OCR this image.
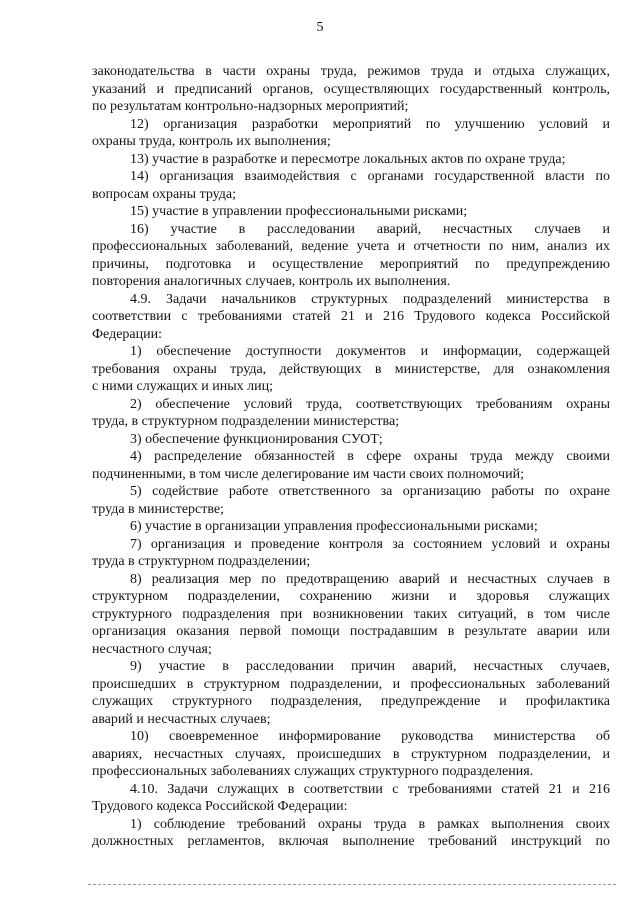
5
законодательства в части охраны труда, режимов труда и отдыха служащих,
указаний и предписаний органов, осуществляющих государственный контроль,
по результатам контрольно-надзорных мероприятий;
12) организация разработки мероприятий по улучшению условий и
охраны труда, контроль их выполнения;
13) участие в разработке и пересмотре локальных актов по охране труда;
14) организация взаимодействия с органами государственной власти по
вопросам охраны труда;
15) участие в управлении профессиональными рисками;
16) участие в расследовании аварий, несчастных случаев и
профессиональных заболеваний, ведение учета и отчетности по ним, анализ их
причины, подготовка и осуществление мероприятий по предупреждению
повторения аналогичных случаев, контроль их выполнения.
4.9. Задачи начальников структурных подразделений министерства в
соответствии с требованиями статей 21 и 216 Трудового кодекса Российской
Федерации:
1) обеспечение доступности документов и информации, содержащей
требования охраны труда, действующих в министерстве, для ознакомления
с ними служащих и иных лиц;
2) обеспечение условий труда, соответствующих требованиям охраны
труда, в структурном подразделении министерства;
3) обеспечение функционирования СУОТ;
4) распределение обязанностей в сфере охраны труда между своими
подчиненными, в том числе делегирование им части своих полномочий;
5) содействие работе ответственного за организацию работы по охране
труда в министерстве;
6) участие в организации управления профессиональными рисками;
7) организация и проведение контроля за состоянием условий и охраны
труда в структурном подразделении;
8) реализация мер по предотвращению аварий и несчастных случаев в
структурном подразделении, сохранению жизни и здоровья служащих
структурного подразделения при возникновении таких ситуаций, в том числе
организация оказания первой помощи пострадавшим в результате аварии или
несчастного случая;
9) участие в расследовании причин аварий, несчастных случаев,
происшедших в структурном подразделении, и профессиональных заболеваний
служащих структурного подразделения, предупреждение и профилактика
аварий и несчастных случаев;
10) своевременное информирование руководства министерства об
авариях, несчастных случаях, происшедших в структурном подразделении, и
профессиональных заболеваниях служащих структурного подразделения.
4.10. Задачи служащих в соответствии с требованиями статей 21 и 216
Трудового кодекса Российской Федерации:
1) соблюдение требований охраны труда в рамках выполнения своих
должностных регламентов, включая выполнение требований инструкций по
